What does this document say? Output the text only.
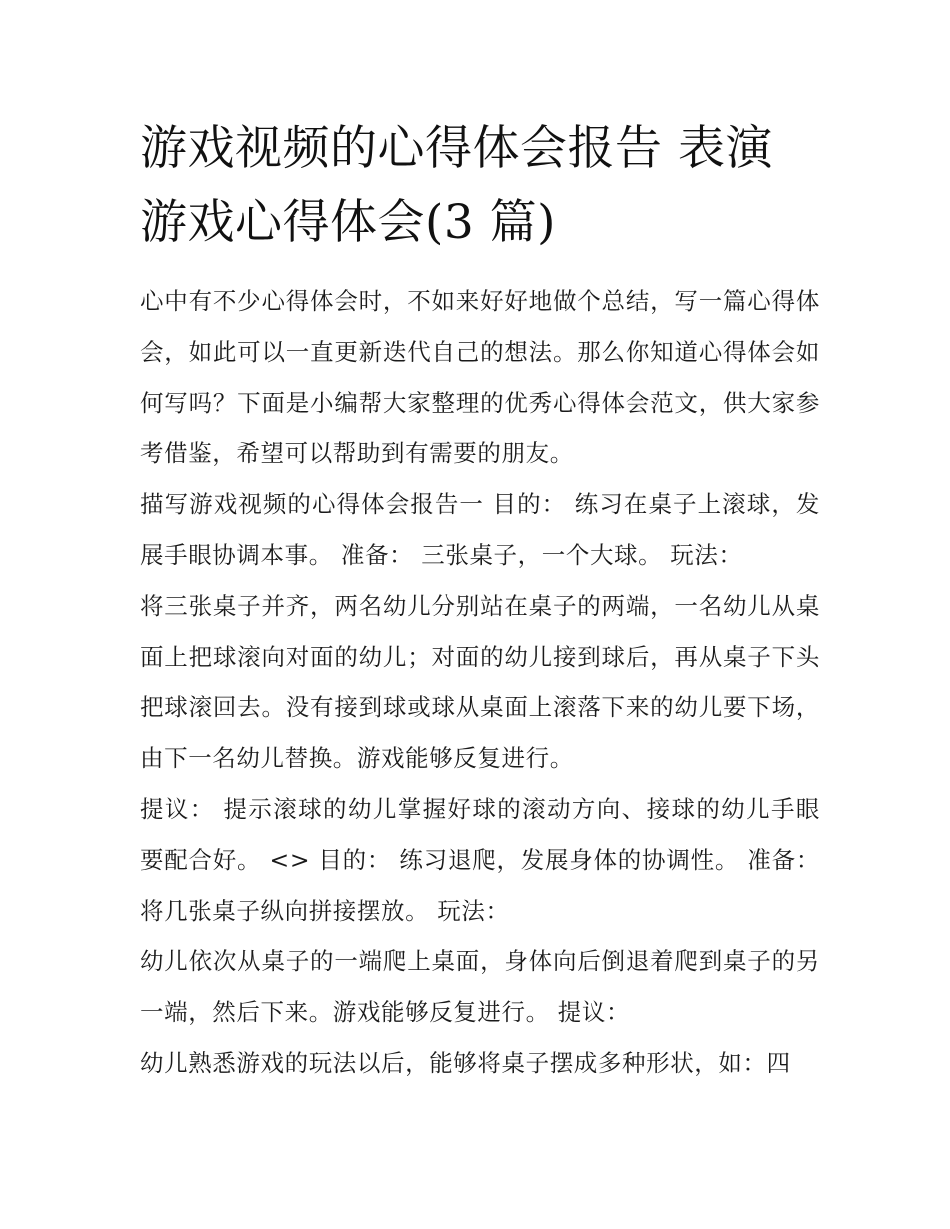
游戏视频的心得体会报告 表演
游戏心得体会(3 篇)

心中有不少心得体会时，不如来好好地做个总结，写一篇心得体会，如此可以一直更新迭代自己的想法。那么你知道心得体会如何写吗？下面是小编帮大家整理的优秀心得体会范文，供大家参考借鉴，希望可以帮助到有需要的朋友。

描写游戏视频的心得体会报告一 目的： 练习在桌子上滚球，发展手眼协调本事。 准备： 三张桌子，一个大球。 玩法：

将三张桌子并齐，两名幼儿分别站在桌子的两端，一名幼儿从桌面上把球滚向对面的幼儿；对面的幼儿接到球后，再从桌子下头把球滚回去。没有接到球或球从桌面上滚落下来的幼儿要下场，由下一名幼儿替换。游戏能够反复进行。

提议： 提示滚球的幼儿掌握好球的滚动方向、接球的幼儿手眼要配合好。 <> 目的： 练习退爬，发展身体的协调性。 准备： 将几张桌子纵向拼接摆放。 玩法：

幼儿依次从桌子的一端爬上桌面，身体向后倒退着爬到桌子的另一端，然后下来。游戏能够反复进行。 提议：

幼儿熟悉游戏的玩法以后，能够将桌子摆成多种形状，如：四
